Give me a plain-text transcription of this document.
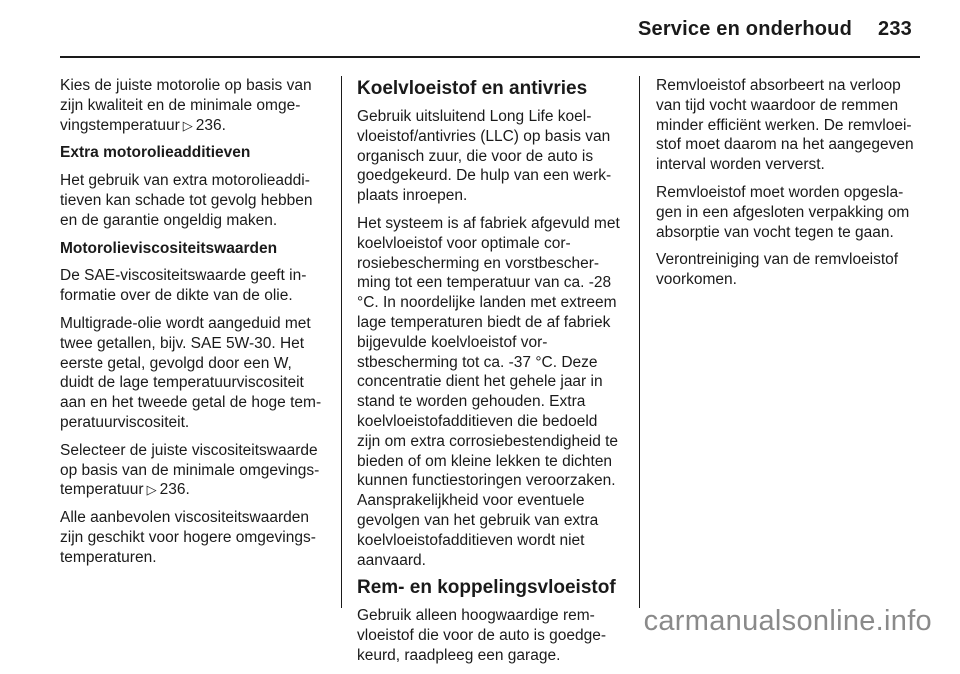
Service en onderhoud 233

Kies de juiste motorolie op basis van zijn kwaliteit en de minimale omgevingstemperatuur ▷ 236.

Extra motorolieadditieven

Het gebruik van extra motorolieadditieven kan schade tot gevolg hebben en de garantie ongeldig maken.

Motorolieviscositeitswaarden

De SAE-viscositeitswaarde geeft informatie over de dikte van de olie.

Multigrade-olie wordt aangeduid met twee getallen, bijv. SAE 5W-30. Het eerste getal, gevolgd door een W, duidt de lage temperatuurviscositeit aan en het tweede getal de hoge temperatuurviscositeit.

Selecteer de juiste viscositeitswaarde op basis van de minimale omgevingstemperatuur ▷ 236.

Alle aanbevolen viscositeitswaarden zijn geschikt voor hogere omgevingstemperaturen.

Koelvloeistof en antivries

Gebruik uitsluitend Long Life koelvloeistof/antivries (LLC) op basis van organisch zuur, die voor de auto is goedgekeurd. De hulp van een werkplaats inroepen.

Het systeem is af fabriek afgevuld met koelvloeistof voor optimale corrosiebescherming en vorstbescherming tot een temperatuur van ca. -28 °C. In noordelijke landen met extreem lage temperaturen biedt de af fabriek bijgevulde koelvloeistof vorstbescherming tot ca. -37 °C. Deze concentratie dient het gehele jaar in stand te worden gehouden. Extra koelvloeistofadditieven die bedoeld zijn om extra corrosiebestendigheid te bieden of om kleine lekken te dichten kunnen functiestoringen veroorzaken. Aansprakelijkheid voor eventuele gevolgen van het gebruik van extra koelvloeistofadditieven wordt niet aanvaard.

Rem- en koppelingsvloeistof

Gebruik alleen hoogwaardige remvloeistof die voor de auto is goedgekeurd, raadpleeg een garage.

Remvloeistof absorbeert na verloop van tijd vocht waardoor de remmen minder efficiënt werken. De remvloeistof moet daarom na het aangegeven interval worden ververst.

Remvloeistof moet worden opgeslagen in een afgesloten verpakking om absorptie van vocht tegen te gaan.

Verontreiniging van de remvloeistof voorkomen.

carmanualsonline.info
